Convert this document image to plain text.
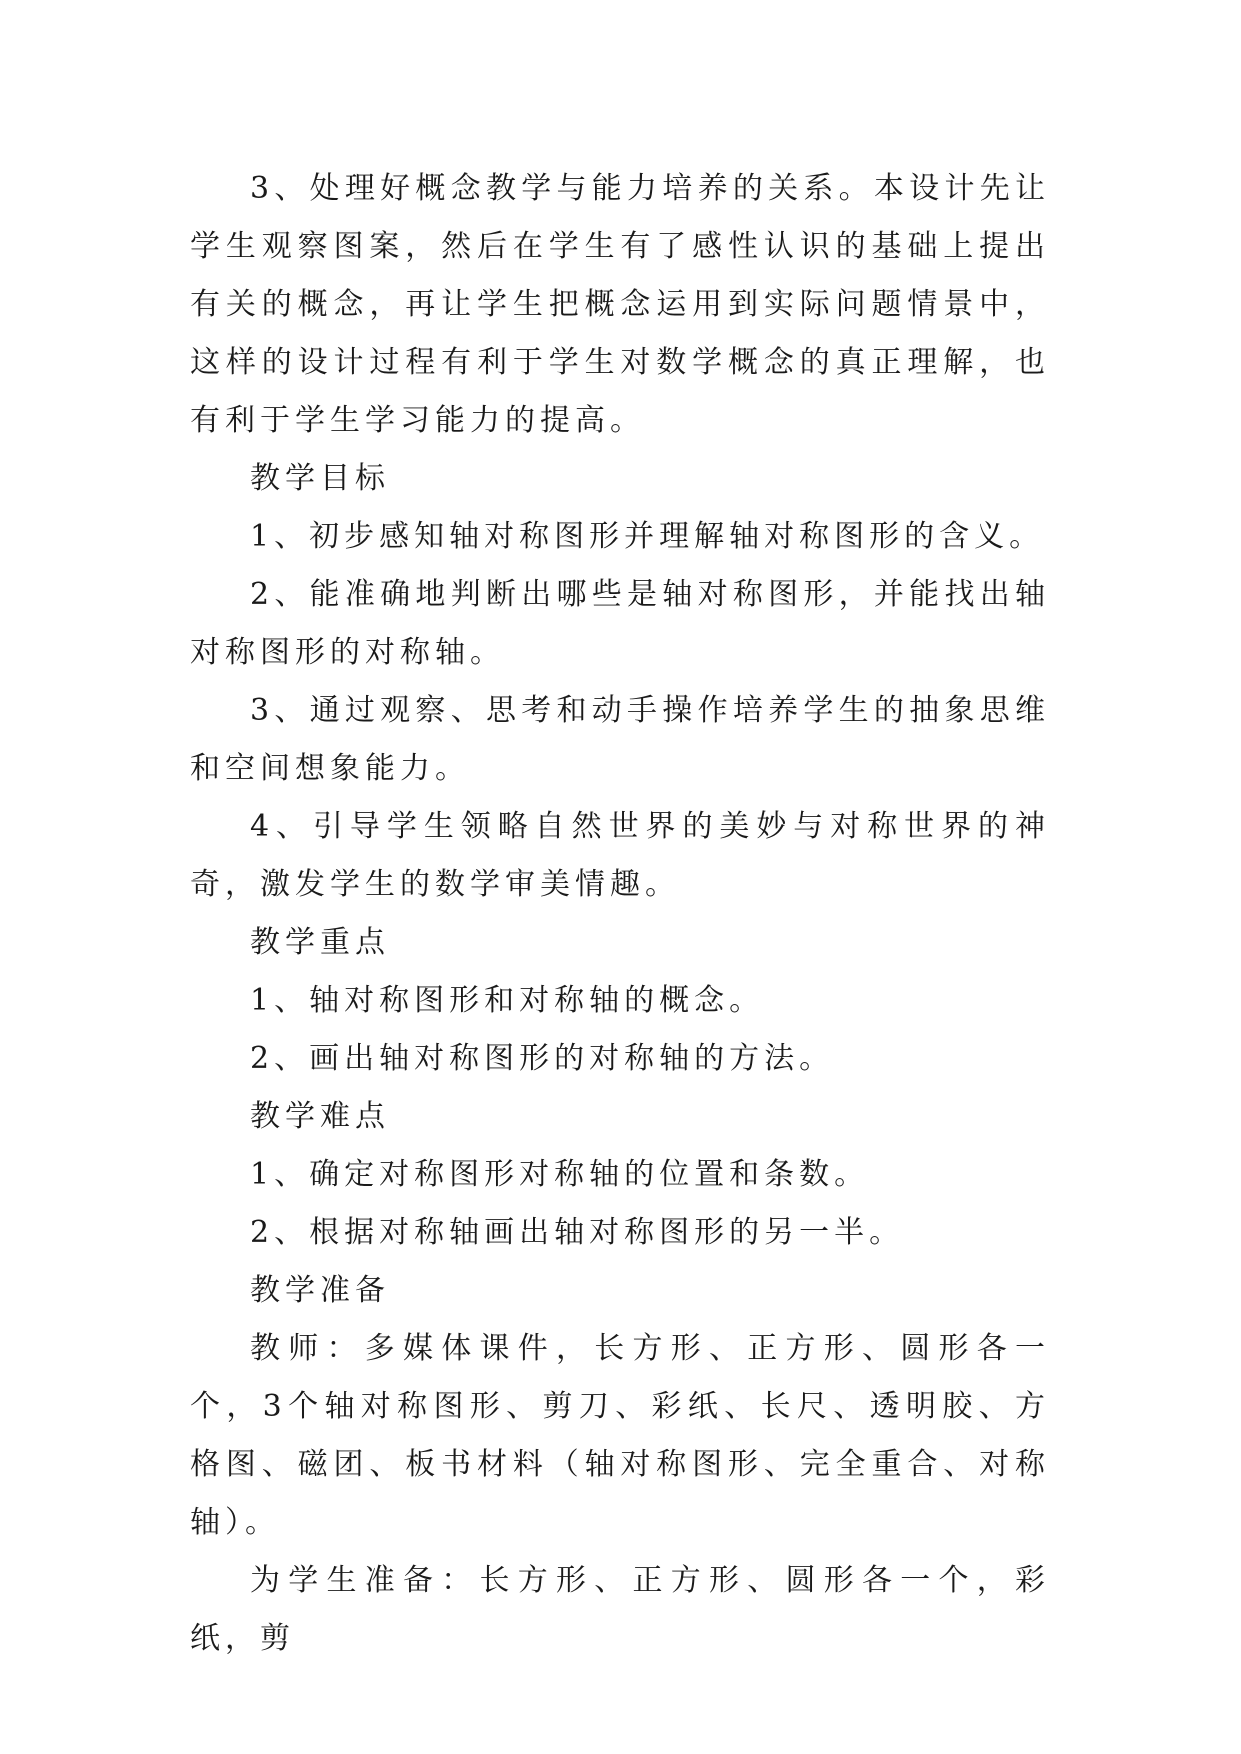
3、处理好概念教学与能力培养的关系。本设计先让学生观察图案，然后在学生有了感性认识的基础上提出有关的概念，再让学生把概念运用到实际问题情景中，这样的设计过程有利于学生对数学概念的真正理解，也有利于学生学习能力的提高。

教学目标

1、初步感知轴对称图形并理解轴对称图形的含义。

2、能准确地判断出哪些是轴对称图形，并能找出轴对称图形的对称轴。

3、通过观察、思考和动手操作培养学生的抽象思维和空间想象能力。

4、引导学生领略自然世界的美妙与对称世界的神奇，激发学生的数学审美情趣。

教学重点

1、轴对称图形和对称轴的概念。

2、画出轴对称图形的对称轴的方法。

教学难点

1、确定对称图形对称轴的位置和条数。

2、根据对称轴画出轴对称图形的另一半。

教学准备

教师：多媒体课件，长方形、正方形、圆形各一个，3个轴对称图形、剪刀、彩纸、长尺、透明胶、方格图、磁团、板书材料（轴对称图形、完全重合、对称轴）。

为学生准备：长方形、正方形、圆形各一个，彩纸，剪
